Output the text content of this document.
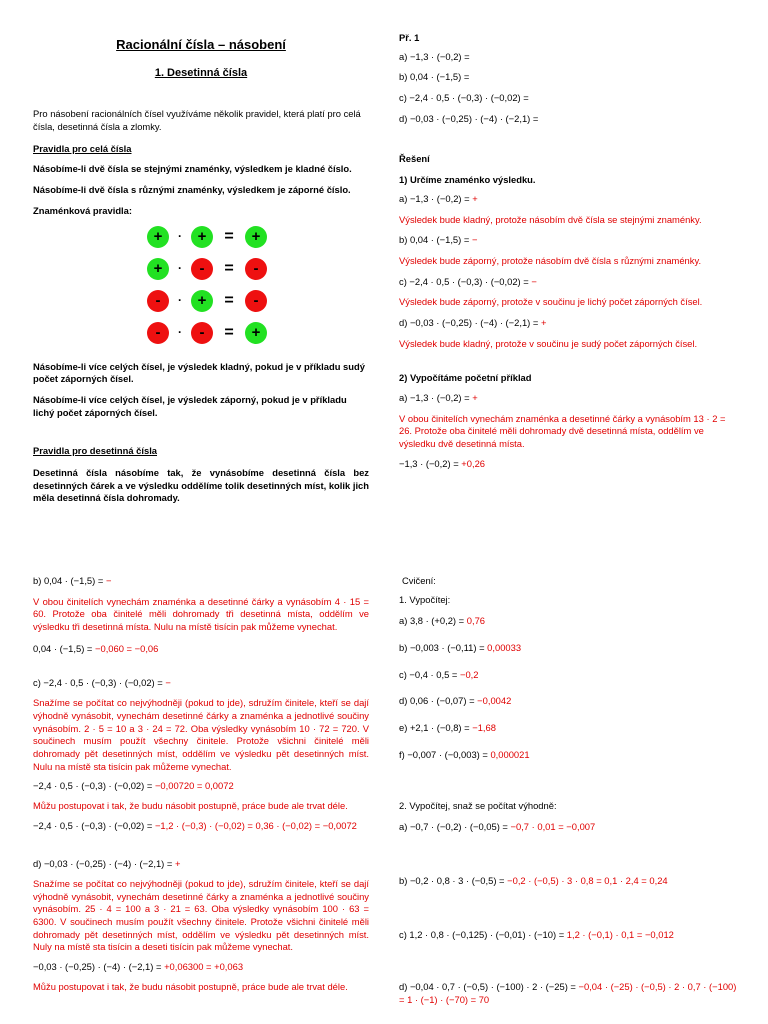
Racionální čísla – násobení

1. Desetinná čísla

Pro násobení racionálních čísel využíváme několik pravidel, která platí pro celá čísla, desetinná čísla a zlomky.

Pravidla pro celá čísla

Násobíme-li dvě čísla se stejnými znaménky, výsledkem je kladné číslo.

Násobíme-li dvě čísla s různými znaménky, výsledkem je záporné číslo.

Znaménková pravidla:

+	·	+	=	+
+	·	-	=	-
-	·	+	=	-
-	·	-	=	+

Násobíme-li více celých čísel, je výsledek kladný, pokud je v příkladu sudý počet záporných čísel.

Násobíme-li více celých čísel, je výsledek záporný, pokud je v příkladu lichý počet záporných čísel.

Pravidla pro desetinná čísla

Desetinná čísla násobíme tak, že vynásobíme desetinná čísla bez desetinných čárek a ve výsledku oddělíme tolik desetinných míst, kolik jich měla desetinná čísla dohromady.

Př. 1

a) −1,3 · (−0,2) =

b) 0,04 · (−1,5) =

c) −2,4 · 0,5 · (−0,3) · (−0,02) =

d) −0,03 · (−0,25) · (−4) · (−2,1) =

Řešení

1) Určíme znaménko výsledku.

a) −1,3 · (−0,2) = +

Výsledek bude kladný, protože násobím dvě čísla se stejnými znaménky.

b) 0,04 · (−1,5) = −

Výsledek bude záporný, protože násobím dvě čísla s různými znaménky.

c) −2,4 · 0,5 · (−0,3) · (−0,02) = −

Výsledek bude záporný, protože v součinu je lichý počet záporných čísel.

d) −0,03 · (−0,25) · (−4) · (−2,1) = +

Výsledek bude kladný, protože v součinu je sudý počet záporných čísel.

2) Vypočítáme početní příklad

a) −1,3 · (−0,2) = +

V obou činitelích vynechám znaménka a desetinné čárky a vynásobím 13 · 2 = 26. Protože oba činitelé měli dohromady dvě desetinná místa, oddělím ve výsledku dvě desetinná místa.

−1,3 · (−0,2) = +0,26

b) 0,04 · (−1,5) = −

V obou činitelích vynechám znaménka a desetinné čárky a vynásobím 4 · 15 = 60. Protože oba činitelé měli dohromady tři desetinná místa, oddělím ve výsledku tři desetinná místa. Nulu na místě tisícin pak můžeme vynechat.

0,04 · (−1,5) = −0,060 = −0,06

c) −2,4 · 0,5 · (−0,3) · (−0,02) = −

Snažíme se počítat co nejvýhodněji (pokud to jde), sdružím činitele, kteří se dají výhodně vynásobit, vynechám desetinné čárky a znaménka a jednotlivé součiny vynásobím. 2 · 5 = 10 a 3 · 24 = 72. Oba výsledky vynásobím 10 · 72 = 720. V součinech musím použít všechny činitele. Protože všichni činitelé měli dohromady pět desetinných míst, oddělím ve výsledku pět desetinných míst. Nulu na místě sta tisícin pak můžeme vynechat.

−2,4 · 0,5 · (−0,3) · (−0,02) = −0,00720 = 0,0072

Můžu postupovat i tak, že budu násobit postupně, práce bude ale trvat déle.

−2,4 · 0,5 · (−0,3) · (−0,02) = −1,2 · (−0,3) · (−0,02) = 0,36 · (−0,02) = −0,0072

d) −0,03 · (−0,25) · (−4) · (−2,1) = +

Snažíme se počítat co nejvýhodněji (pokud to jde), sdružím činitele, kteří se dají výhodně vynásobit, vynechám desetinné čárky a znaménka a jednotlivé součiny vynásobím. 25 · 4 = 100 a 3 · 21 = 63. Oba výsledky vynásobím 100 · 63 = 6300. V součinech musím použít všechny činitele. Protože všichni činitelé měli dohromady pět desetinných míst, oddělím ve výsledku pět desetinných míst. Nuly na místě sta tisícin a deseti tisícin pak můžeme vynechat.

−0,03 · (−0,25) · (−4) · (−2,1) = +0,06300 = +0,063

Můžu postupovat i tak, že budu násobit postupně, práce bude ale trvat déle.

Cvičení:

1. Vypočítej:

a) 3,8 · (+0,2) = 0,76

b) −0,003 · (−0,11) = 0,00033

c) −0,4 · 0,5 = −0,2

d) 0,06 · (−0,07) = −0,0042

e) +2,1 · (−0,8) = −1,68

f) −0,007 · (−0,003) = 0,000021

2. Vypočítej, snaž se počítat výhodně:

a) −0,7 · (−0,2) · (−0,05) = −0,7 · 0,01 = −0,007

b) −0,2 · 0,8 · 3 · (−0,5) = −0,2 · (−0,5) · 3 · 0,8 = 0,1 · 2,4 = 0,24

c) 1,2 · 0,8 · (−0,125) · (−0,01) · (−10) = 1,2 · (−0,1) · 0,1 = −0,012

d) −0,04 · 0,7 · (−0,5) · (−100) · 2 · (−25) = −0,04 · (−25) · (−0,5) · 2 · 0,7 · (−100) = 1 · (−1) · (−70) = 70
